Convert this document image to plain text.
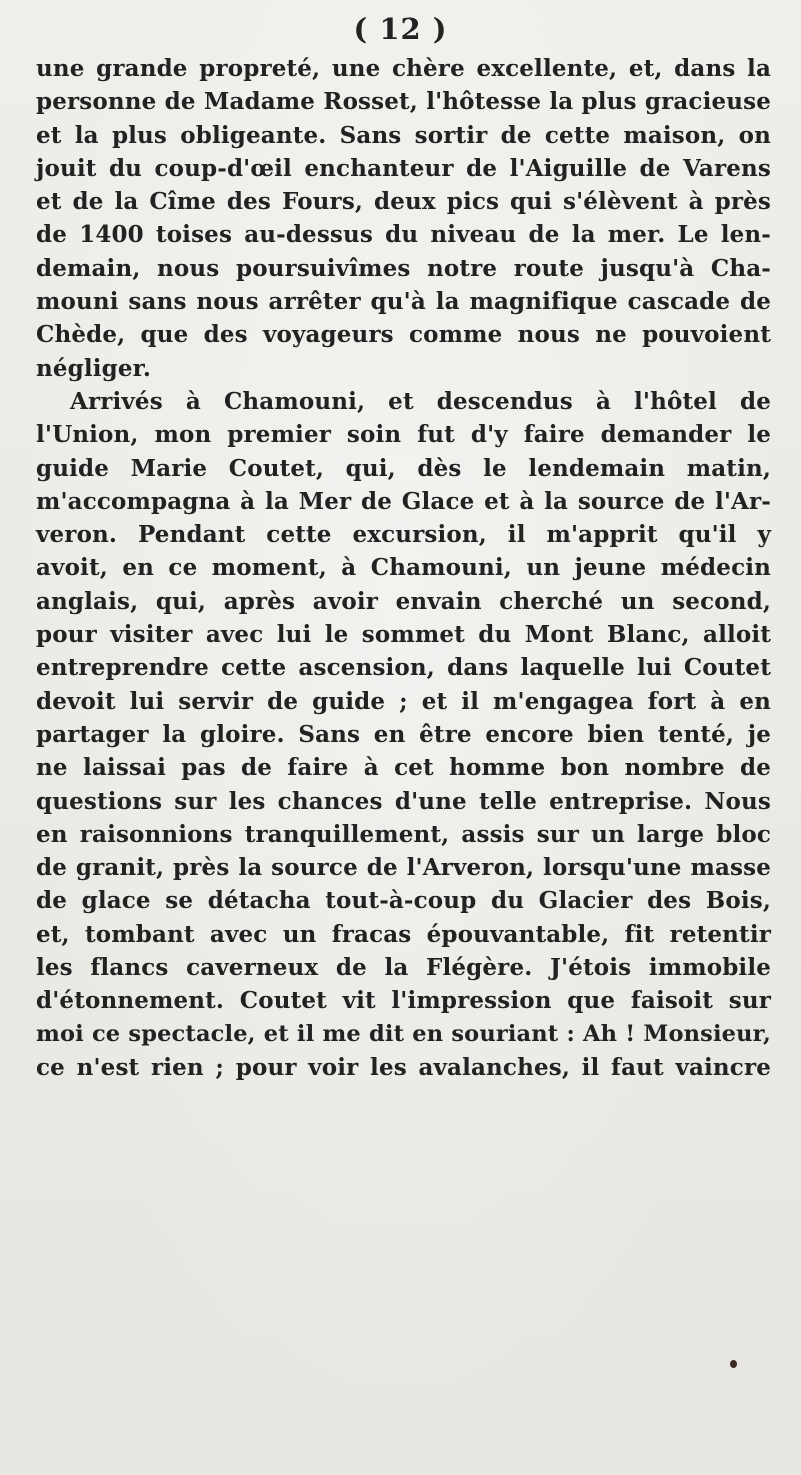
( 12 )
une grande propreté, une chère excellente, et, dans la
personne de Madame Rosset, l'hôtesse la plus gracieuse
et la plus obligeante. Sans sortir de cette maison, on
jouit du coup-d'œil enchanteur de l'Aiguille de Varens
et de la Cîme des Fours, deux pics qui s'élèvent à près
de 1400 toises au-dessus du niveau de la mer. Le len-
demain, nous poursuivîmes notre route jusqu'à Cha-
mouni sans nous arrêter qu'à la magnifique cascade de
Chède, que des voyageurs comme nous ne pouvoient
négliger.
Arrivés à Chamouni, et descendus à l'hôtel de
l'Union, mon premier soin fut d'y faire demander le
guide Marie Coutet, qui, dès le lendemain matin,
m'accompagna à la Mer de Glace et à la source de l'Ar-
veron. Pendant cette excursion, il m'apprit qu'il y
avoit, en ce moment, à Chamouni, un jeune médecin
anglais, qui, après avoir envain cherché un second,
pour visiter avec lui le sommet du Mont Blanc, alloit
entreprendre cette ascension, dans laquelle lui Coutet
devoit lui servir de guide ; et il m'engagea fort à en
partager la gloire. Sans en être encore bien tenté, je
ne laissai pas de faire à cet homme bon nombre de
questions sur les chances d'une telle entreprise. Nous
en raisonnions tranquillement, assis sur un large bloc
de granit, près la source de l'Arveron, lorsqu'une masse
de glace se détacha tout-à-coup du Glacier des Bois,
et, tombant avec un fracas épouvantable, fit retentir
les flancs caverneux de la Flégère. J'étois immobile
d'étonnement. Coutet vit l'impression que faisoit sur
moi ce spectacle, et il me dit en souriant : Ah ! Monsieur,
ce n'est rien ; pour voir les avalanches, il faut vaincre
